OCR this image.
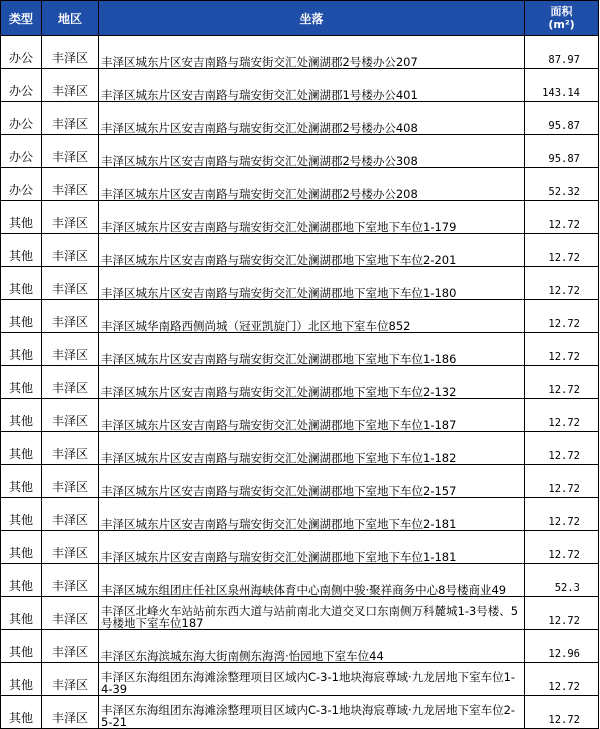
类型	地区	坐落	面积
(m²)

办公	丰泽区	丰泽区城东片区安吉南路与瑞安街交汇处澜湖郡2号楼办公207	87.97
办公	丰泽区	丰泽区城东片区安吉南路与瑞安街交汇处澜湖郡1号楼办公401	143.14
办公	丰泽区	丰泽区城东片区安吉南路与瑞安街交汇处澜湖郡2号楼办公408	95.87
办公	丰泽区	丰泽区城东片区安吉南路与瑞安街交汇处澜湖郡2号楼办公308	95.87
办公	丰泽区	丰泽区城东片区安吉南路与瑞安街交汇处澜湖郡2号楼办公208	52.32
其他	丰泽区	丰泽区城东片区安吉南路与瑞安街交汇处澜湖郡地下室地下车位1-179	12.72
其他	丰泽区	丰泽区城东片区安吉南路与瑞安街交汇处澜湖郡地下室地下车位2-201	12.72
其他	丰泽区	丰泽区城东片区安吉南路与瑞安街交汇处澜湖郡地下室地下车位1-180	12.72
其他	丰泽区	丰泽区城华南路西侧尚城（冠亚凯旋门）北区地下室车位852	12.72
其他	丰泽区	丰泽区城东片区安吉南路与瑞安街交汇处澜湖郡地下室地下车位1-186	12.72
其他	丰泽区	丰泽区城东片区安吉南路与瑞安街交汇处澜湖郡地下室地下车位2-132	12.72
其他	丰泽区	丰泽区城东片区安吉南路与瑞安街交汇处澜湖郡地下室地下车位1-187	12.72
其他	丰泽区	丰泽区城东片区安吉南路与瑞安街交汇处澜湖郡地下室地下车位1-182	12.72
其他	丰泽区	丰泽区城东片区安吉南路与瑞安街交汇处澜湖郡地下室地下车位2-157	12.72
其他	丰泽区	丰泽区城东片区安吉南路与瑞安街交汇处澜湖郡地下室地下车位2-181	12.72
其他	丰泽区	丰泽区城东片区安吉南路与瑞安街交汇处澜湖郡地下室地下车位1-181	12.72
其他	丰泽区	丰泽区城东组团庄任社区泉州海峡体育中心南侧中骏·聚祥商务中心8号楼商业49	52.3
其他	丰泽区	丰泽区北峰火车站站前东西大道与站前南北大道交叉口东南侧万科麓城1-3号楼、5号楼地下室车位187	12.72
其他	丰泽区	丰泽区东海滨城东海大街南侧东海湾·怡园地下室车位44	12.96
其他	丰泽区	丰泽区东海组团东海滩涂整理项目区域内C-3-1地块海宸尊域·九龙居地下室车位1-4-39	12.72
其他	丰泽区	丰泽区东海组团东海滩涂整理项目区域内C-3-1地块海宸尊域·九龙居地下室车位2-5-21	12.72
